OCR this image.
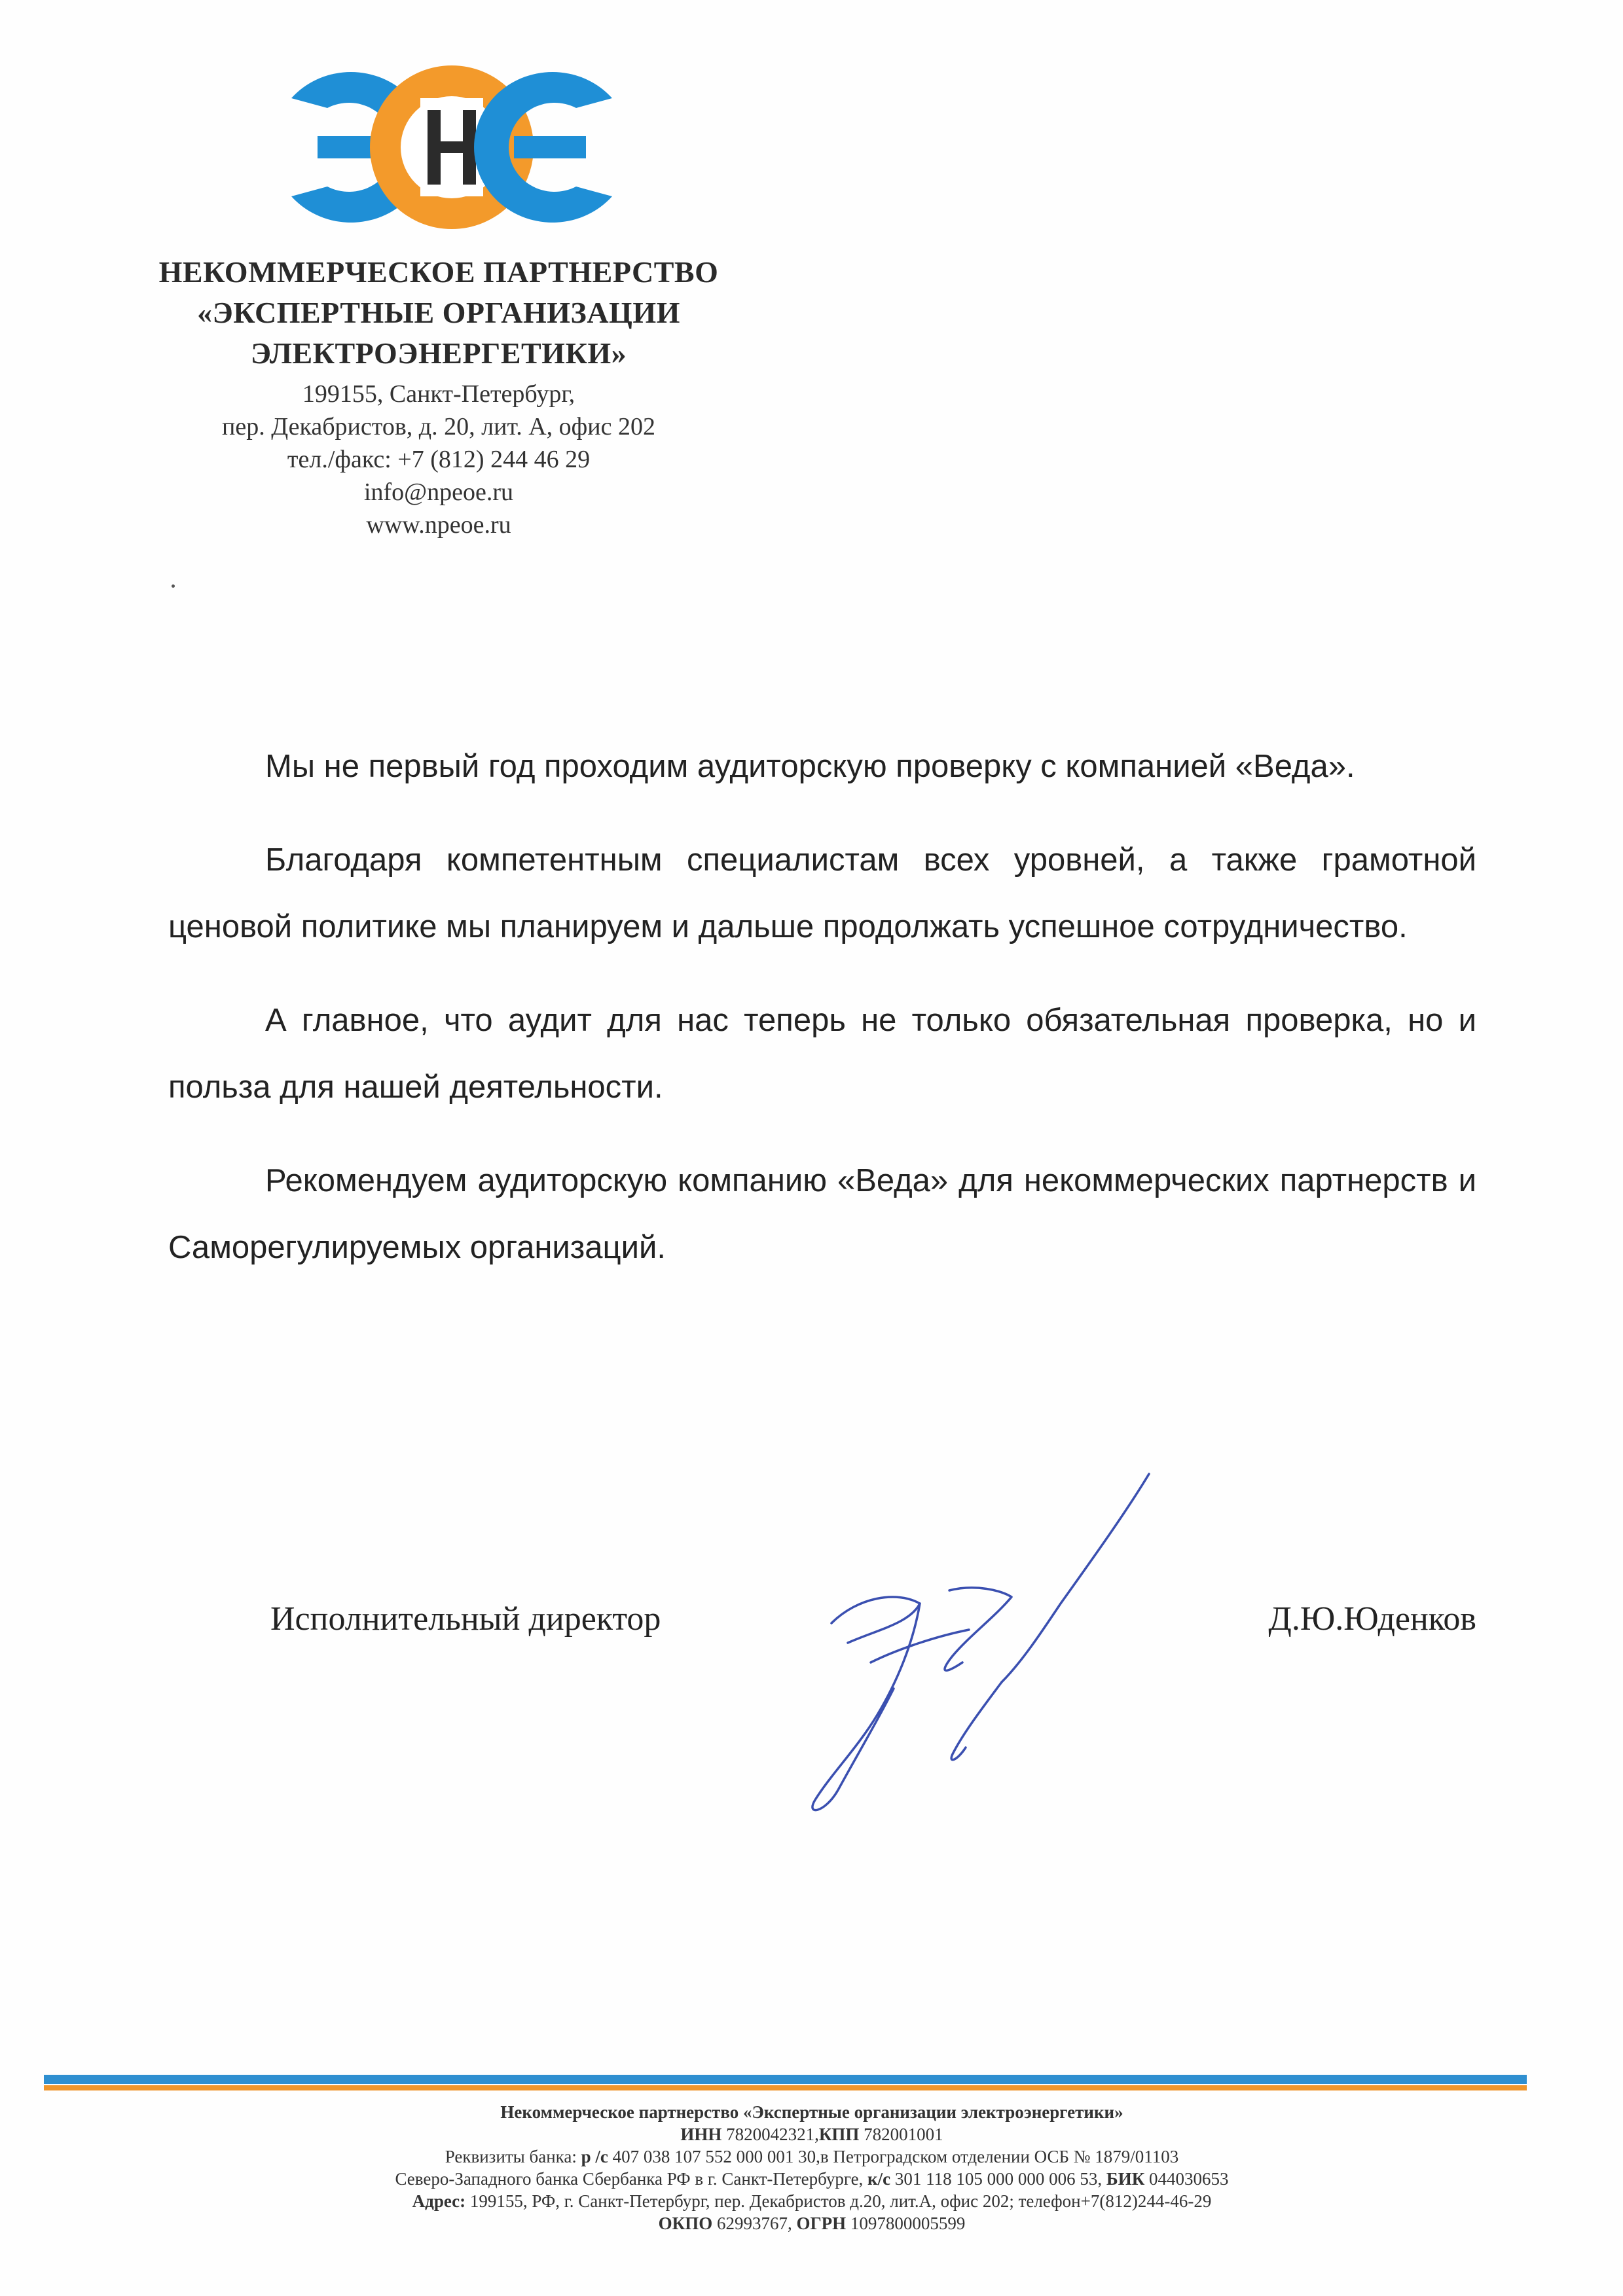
НЕКОММЕРЧЕСКОЕ ПАРТНЕРСТВО
«ЭКСПЕРТНЫЕ ОРГАНИЗАЦИИ
ЭЛЕКТРОЭНЕРГЕТИКИ»
199155, Санкт-Петербург,
пер. Декабристов, д. 20, лит. А, офис 202
тел./факс: +7 (812) 244 46 29
info@npeoe.ru
www.npeoe.ru

Мы не первый год проходим аудиторскую проверку с компанией «Веда».

Благодаря компетентным специалистам всех уровней, а также грамотной ценовой политике мы планируем и дальше продолжать успешное сотрудничество.

А главное, что аудит для нас теперь не только обязательная проверка, но и польза для нашей деятельности.

Рекомендуем аудиторскую компанию «Веда» для некоммерческих партнерств и Саморегулируемых организаций.

Исполнительный директор	Д.Ю.Юденков
Некоммерческое партнерство «Экспертные организации электроэнергетики»
ИНН 7820042321,КПП 782001001
Реквизиты банка: р /с 407 038 107 552 000 001 30,в Петроградском отделении ОСБ № 1879/01103
Северо-Западного банка Сбербанка РФ в г. Санкт-Петербурге, к/с 301 118 105 000 000 006 53, БИК 044030653
Адрес: 199155, РФ, г. Санкт-Петербург, пер. Декабристов д.20, лит.А, офис 202; телефон+7(812)244-46-29
ОКПО 62993767, ОГРН 1097800005599
